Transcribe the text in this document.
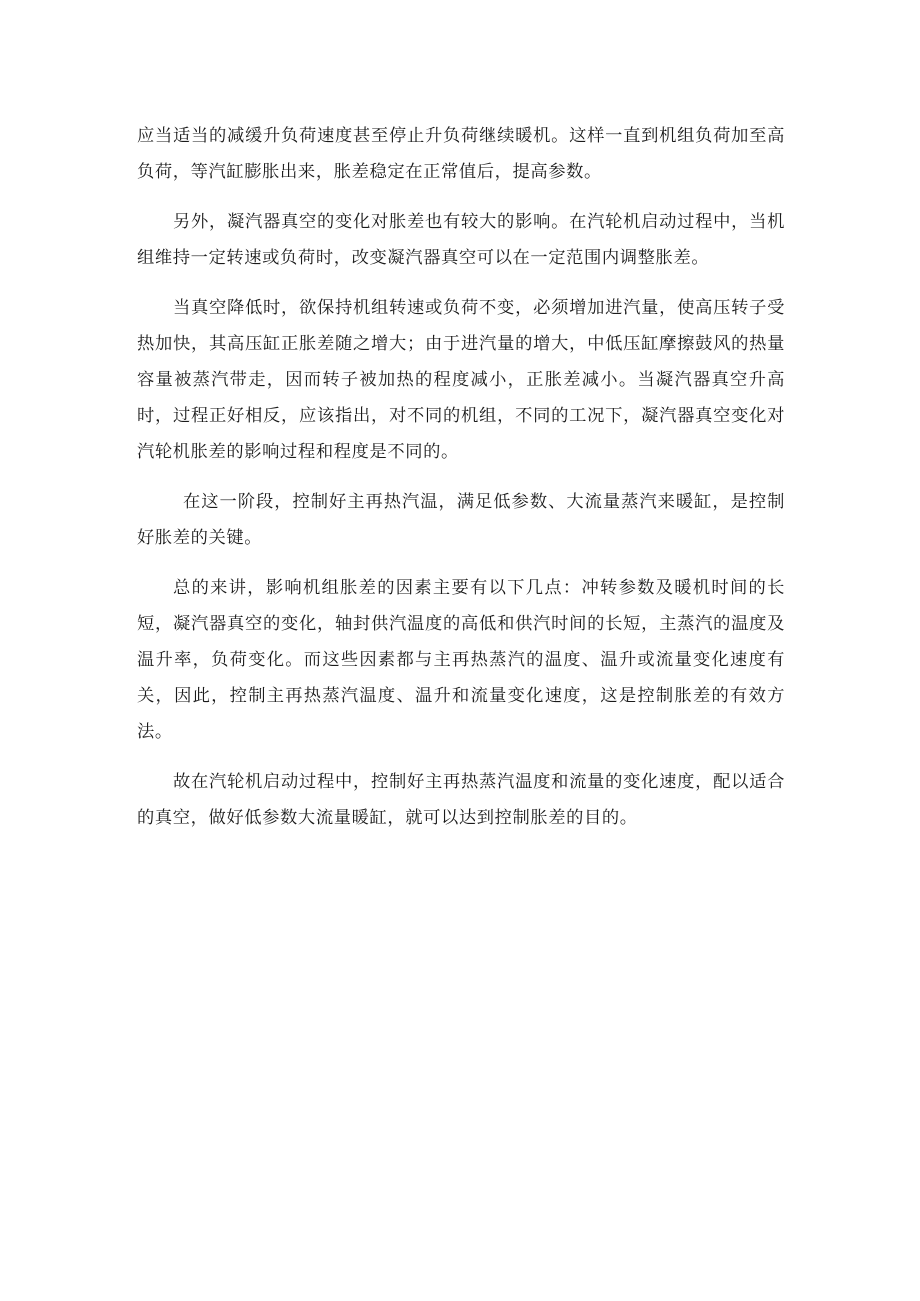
应当适当的减缓升负荷速度甚至停止升负荷继续暖机。这样一直到机组负荷加至高负荷，等汽缸膨胀出来，胀差稳定在正常值后，提高参数。

另外，凝汽器真空的变化对胀差也有较大的影响。在汽轮机启动过程中，当机组维持一定转速或负荷时，改变凝汽器真空可以在一定范围内调整胀差。

当真空降低时，欲保持机组转速或负荷不变，必须增加进汽量，使高压转子受热加快，其高压缸正胀差随之增大；由于进汽量的增大，中低压缸摩擦鼓风的热量容量被蒸汽带走，因而转子被加热的程度减小，正胀差减小。当凝汽器真空升高时，过程正好相反，应该指出，对不同的机组，不同的工况下，凝汽器真空变化对汽轮机胀差的影响过程和程度是不同的。

在这一阶段，控制好主再热汽温，满足低参数、大流量蒸汽来暖缸，是控制好胀差的关键。

总的来讲，影响机组胀差的因素主要有以下几点：冲转参数及暖机时间的长短，凝汽器真空的变化，轴封供汽温度的高低和供汽时间的长短，主蒸汽的温度及温升率，负荷变化。而这些因素都与主再热蒸汽的温度、温升或流量变化速度有关，因此，控制主再热蒸汽温度、温升和流量变化速度，这是控制胀差的有效方法。

故在汽轮机启动过程中，控制好主再热蒸汽温度和流量的变化速度，配以适合的真空，做好低参数大流量暖缸，就可以达到控制胀差的目的。
